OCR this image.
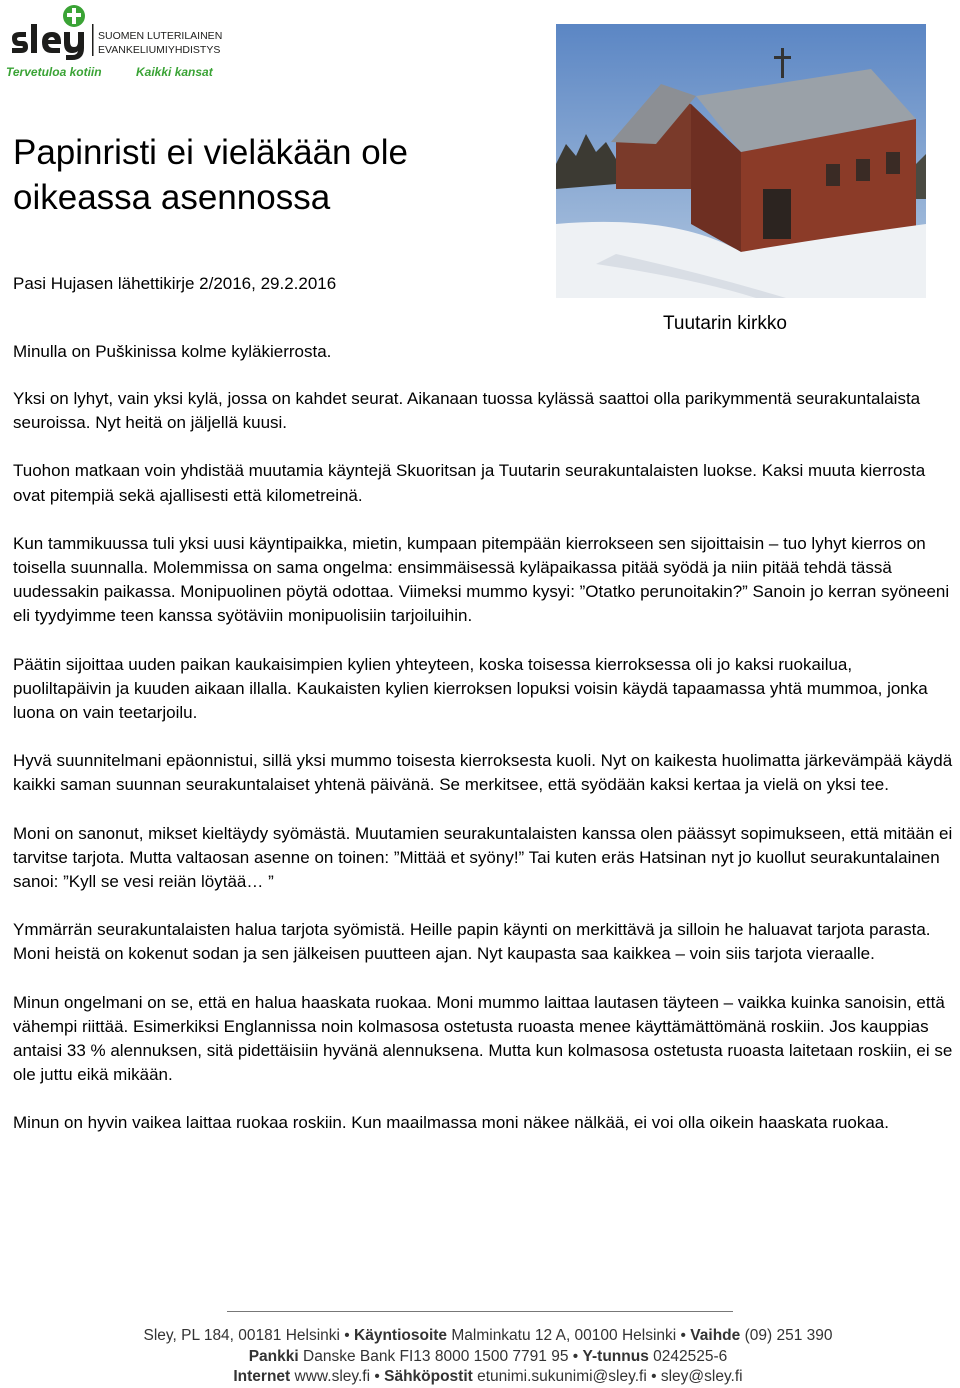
SUOMEN LUTERILAINEN
EVANKELIUMIYHDISTYS
Tervetuloa kotiin	Kaikki kansat
Tuutarin kirkko
Papinristi ei vieläkään ole oikeassa asennossa
Pasi Hujasen lähettikirje 2/2016, 29.2.2016
Minulla on Puškinissa kolme kyläkierrosta.

Yksi on lyhyt, vain yksi kylä, jossa on kahdet seurat. Aikanaan tuossa kylässä saattoi olla parikymmentä seurakuntalaista seuroissa. Nyt heitä on jäljellä kuusi.

Tuohon matkaan voin yhdistää muutamia käyntejä Skuoritsan ja Tuutarin seurakuntalaisten luokse. Kaksi muuta kierrosta ovat pitempiä sekä ajallisesti että kilometreinä.

Kun tammikuussa tuli yksi uusi käyntipaikka, mietin, kumpaan pitempään kierrokseen sen sijoittaisin – tuo lyhyt kierros on toisella suunnalla. Molemmissa on sama ongelma: ensimmäisessä kyläpaikassa pitää syödä ja niin pitää tehdä tässä uudessakin paikassa. Monipuolinen pöytä odottaa. Viimeksi mummo kysyi: ”Otatko perunoitakin?” Sanoin jo kerran syöneeni eli tyydyimme teen kanssa syötäviin monipuolisiin tarjoiluihin.

Päätin sijoittaa uuden paikan kaukaisimpien kylien yhteyteen, koska toisessa kierroksessa oli jo kaksi ruokailua, puoliltapäivin ja kuuden aikaan illalla. Kaukaisten kylien kierroksen lopuksi voisin käydä tapaamassa yhtä mummoa, jonka luona on vain teetarjoilu.

Hyvä suunnitelmani epäonnistui, sillä yksi mummo toisesta kierroksesta kuoli. Nyt on kaikesta huolimatta järkevämpää käydä kaikki saman suunnan seurakuntalaiset yhtenä päivänä. Se merkitsee, että syödään kaksi kertaa ja vielä on yksi tee.

Moni on sanonut, mikset kieltäydy syömästä. Muutamien seurakuntalaisten kanssa olen päässyt sopimukseen, että mitään ei tarvitse tarjota. Mutta valtaosan asenne on toinen: ”Mittää et syöny!” Tai kuten eräs Hatsinan nyt jo kuollut seurakuntalainen sanoi: ”Kyll se vesi reiän löytää… ”

Ymmärrän seurakuntalaisten halua tarjota syömistä. Heille papin käynti on merkittävä ja silloin he haluavat tarjota parasta. Moni heistä on kokenut sodan ja sen jälkeisen puutteen ajan. Nyt kaupasta saa kaikkea – voin siis tarjota vieraalle.

Minun ongelmani on se, että en halua haaskata ruokaa. Moni mummo laittaa lautasen täyteen – vaikka kuinka sanoisin, että vähempi riittää. Esimerkiksi Englannissa noin kolmasosa ostetusta ruoasta menee käyttämättömänä roskiin. Jos kauppias antaisi 33 % alennuksen, sitä pidettäisiin hyvänä alennuksena. Mutta kun kolmasosa ostetusta ruoasta laitetaan roskiin, ei se ole juttu eikä mikään.

Minun on hyvin vaikea laittaa ruokaa roskiin. Kun maailmassa moni näkee nälkää, ei voi olla oikein haaskata ruokaa.

Sley, PL 184, 00181 Helsinki • Käyntiosoite Malminkatu 12 A, 00100 Helsinki • Vaihde (09) 251 390
Pankki Danske Bank FI13 8000 1500 7791 95 • Y-tunnus 0242525-6
Internet www.sley.fi • Sähköpostit etunimi.sukunimi@sley.fi • sley@sley.fi
